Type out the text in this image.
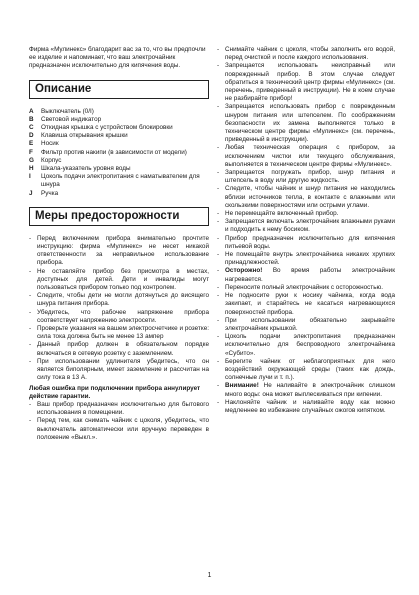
Фирма «Мулинекс» благодарит вас за то, что вы предпочли ее изделие и напоминает, что ваш электрочайник предназначен исключительно для кипячения воды.

Описание
A	Выключатель (0/I)
B	Световой индикатор
C	Откидная крышка с устройством блокировки
D	Клавиша открывания крышки
E	Носик
F	Фильтр против накипи (в зависимости от модели)
G	Корпус
H	Шкала-указатель уровня воды
I	Цоколь подачи электропитания с наматывателем для шнура
J	Ручка
Меры предосторожности
- Перед включением прибора внимательно прочтите инструкцию: фирма «Мулинекс» не несет никакой ответственности за неправильное использование прибора.
- Не оставляйте прибор без присмотра в местах, доступных для детей. Дети и инвалиды могут пользоваться прибором только под контролем.
- Следите, чтобы дети не могли дотянуться до висящего шнура питания прибора.
- Убедитесь, что рабочее напряжение прибора соответствует напряжению электросети.
- Проверьте указания на вашем электросчетчике и розетке: сила тока должна быть не менее 13 ампер
- Данный прибор должен в обязательном порядке включаться в сетевую розетку с заземлением.
- При использовании удлинителя убедитесь, что он является биполярным, имеет заземление и рассчитан на силу тока в 13 А.

Любая ошибка при подключении прибора аннулирует действие гарантии.

- Ваш прибор предназначен исключительно для бытового использования в помещении.
- Перед тем, как снимать чайник с цоколя, убедитесь, что выключатель автоматически или вручную переведен в положение «Выкл.».
- Снимайте чайник с цоколя, чтобы заполнить его водой, перед очисткой и после каждого использования.
- Запрещается использовать неисправный или поврежденный прибор. В этом случае следует обратиться в технический центр фирмы «Мулинекс» (см. перечень, приведенный в инструкции). Не в коем случае не разбирайте прибор!
- Запрещается использовать прибор с поврежденным шнуром питания или штепселем. По соображениям безопасности их замена выполняется только в техническом центре фирмы «Мулинекс» (см. перечень, приведенный в инструкции).
- Любая техническая операция с прибором, за исключением чистки или текущего обслуживания, выполняется в техническом центре фирмы «Мулинекс».
- Запрещается погружать прибор, шнур питания и штепсель в воду или другую жидкость.
- Следите, чтобы чайник и шнур питания не находились вблизи источников тепла, в контакте с влажными или скользкими поверхностями или острыми углами.
- Не перемещайте включенный прибор.
- Запрещается включать электрочайник влажными руками и подходить к нему босиком.
- Прибор предназначен исключительно для кипячения питьевой воды.
- Не помещайте внутрь электрочайника никаких хрупких принадлежностей.
- Осторожно! Во время работы электрочайник нагревается.
- Переносите полный электрочайник с осторожностью.
- Не подносите руки к носику чайника, когда вода закипает, и старайтесь не касаться нагревающихся поверхностей прибора.
- При использовании обязательно закрывайте электрочайник крышкой.
- Цоколь подачи электропитания предназначен исключительно для беспроводного электрочайника «Субито».
- Берегите чайник от неблагоприятных для него воздействий окружающей среды (таких как дождь, солнечные лучи и т. п.).
- Внимание! Не наливайте в электрочайник слишком много воды: она может выплескиваться при кипении.
- Наклоняйте чайник и наливайте воду как можно медленнее во избежание случайных ожогов кипятком.
1
